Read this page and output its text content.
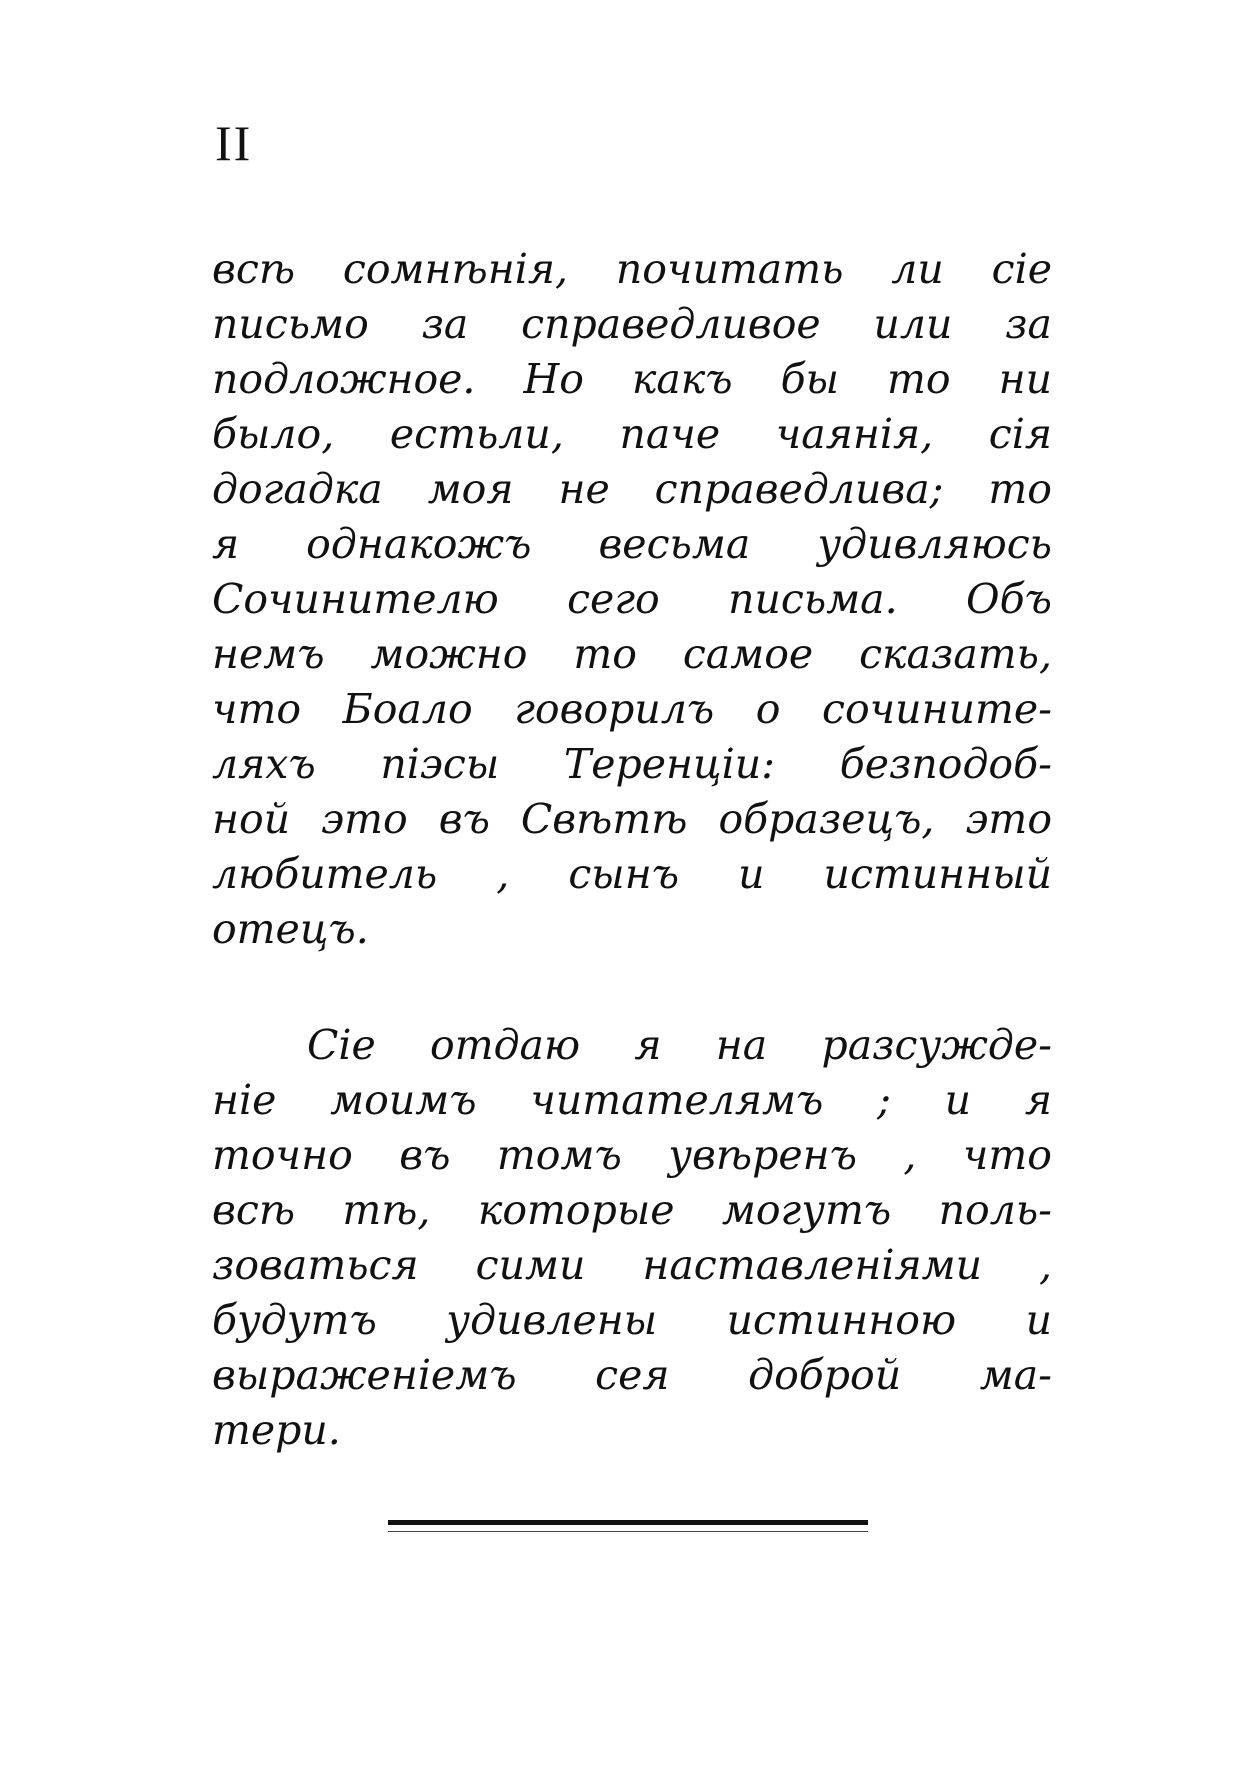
II
всѣ сомнѣнія, почитать ли сіе
письмо за справедливое или за
подложное. Но какъ бы то ни
было, естьли, паче чаянія, сія
догадка моя не справедлива; то
я однакожъ весьма удивляюсь
Сочинителю сего письма. Объ
немъ можно то самое сказать,
что Боало говорилъ о сочините-
ляхъ піэсы Теренціи: безподоб-
ной это въ Свѣтѣ образецъ, это
любитель , сынъ и истинный
отецъ.
Сіе отдаю я на разсужде-
ніе моимъ читателямъ ; и я
точно въ томъ увѣренъ , что
всѣ тѣ, которые могутъ поль-
зоваться сими наставленіями ,
будутъ удивлены истинною и
выраженіемъ сея доброй ма-
тери.
